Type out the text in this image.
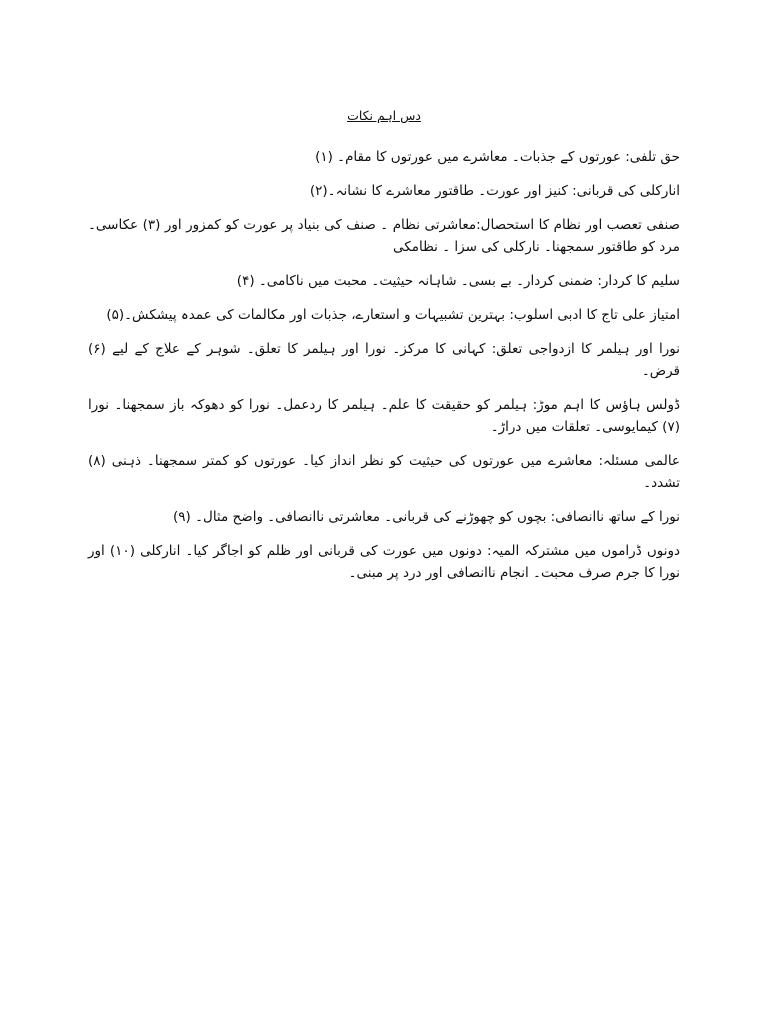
دس اہم نکات

حق تلفی: عورتوں کے جذبات۔ معاشرے میں عورتوں کا مقام۔ (۱)

انارکلی کی قربانی: کنیز اور عورت۔ طاقتور معاشرے کا نشانہ۔(۲)

صنفی تعصب اور نظام کا استحصال:معاشرتی نظام ۔ صنف کی بنیاد پر عورت کو کمزور اور (۳) عکاسی۔ مرد کو طاقتور سمجھنا۔ نارکلی کی سزا ۔ نظامکی

سلیم کا کردار: ضمنی کردار۔ بے بسی۔ شاہانہ حیثیت۔ محبت میں ناکامی۔ (۴)

امتیاز علی تاج کا ادبی اسلوب: بہترین تشبیہات و استعارے، جذبات اور مکالمات کی عمدہ پیشکش۔(۵)

نورا اور ہیلمر کا ازدواجی تعلق: کہانی کا مرکز۔ نورا اور ہیلمر کا تعلق۔ شوہر کے علاج کے لیے (۶) قرض۔

ڈولس ہاؤس کا اہم موڑ: ہیلمر کو حقیقت کا علم۔ ہیلمر کا ردعمل۔ نورا کو دھوکہ باز سمجھنا۔ نورا (۷) کیمایوسی۔ تعلقات میں دراڑ۔

عالمی مسئلہ: معاشرے میں عورتوں کی حیثیت کو نظر انداز کیا۔ عورتوں کو کمتر سمجھنا۔ ذہنی (۸) تشدد۔

نورا کے ساتھ ناانصافی: بچوں کو چھوڑنے کی قربانی۔ معاشرتی ناانصافی۔ واضح مثال۔ (۹)

دونوں ڈراموں میں مشترکہ المیہ: دونوں میں عورت کی قربانی اور ظلم کو اجاگر کیا۔ انارکلی (۱۰) اور نورا کا جرم صرف محبت۔ انجام ناانصافی اور درد پر مبنی۔
